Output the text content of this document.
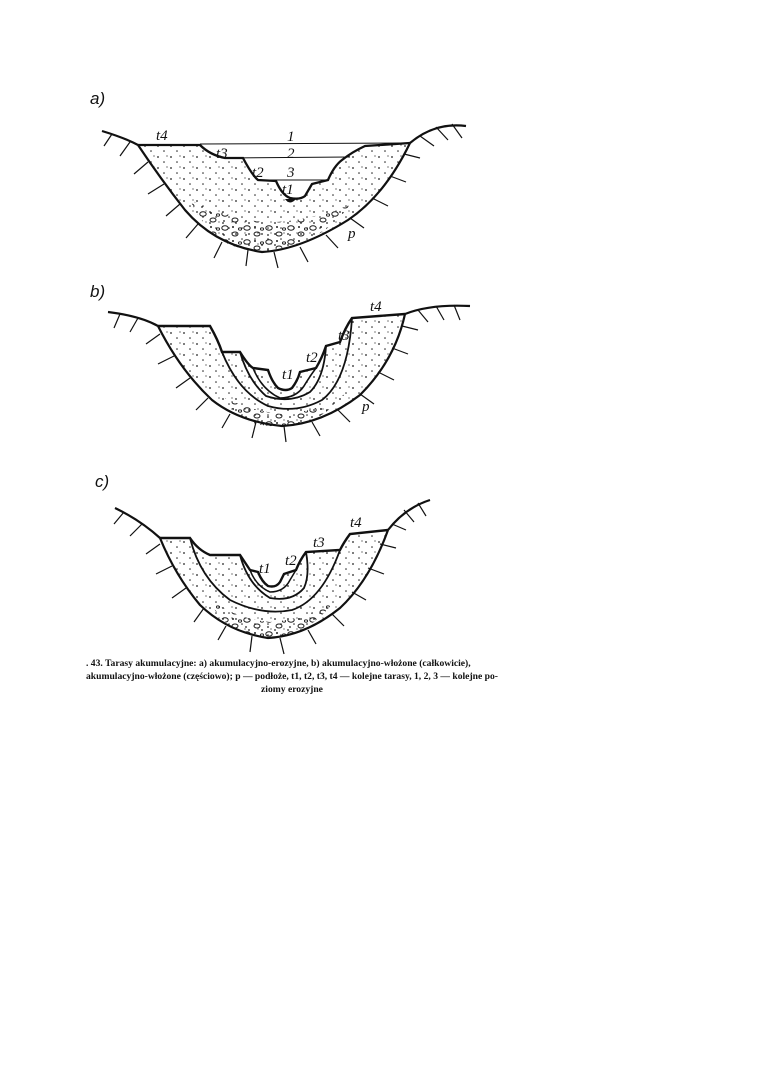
a)
t4
t3
t2
t1
1
2
3
p
b)
t4
t3
t2
t1
p
c)
t4
t3
t2
t1
. 43. Tarasy akumulacyjne: a) akumulacyjno-erozyjne, b) akumulacyjno-włożone (całkowicie),
akumulacyjno-włożone (częściowo); p — podłoże, t1, t2, t3, t4 — kolejne tarasy, 1, 2, 3 — kolejne po-
ziomy erozyjne
